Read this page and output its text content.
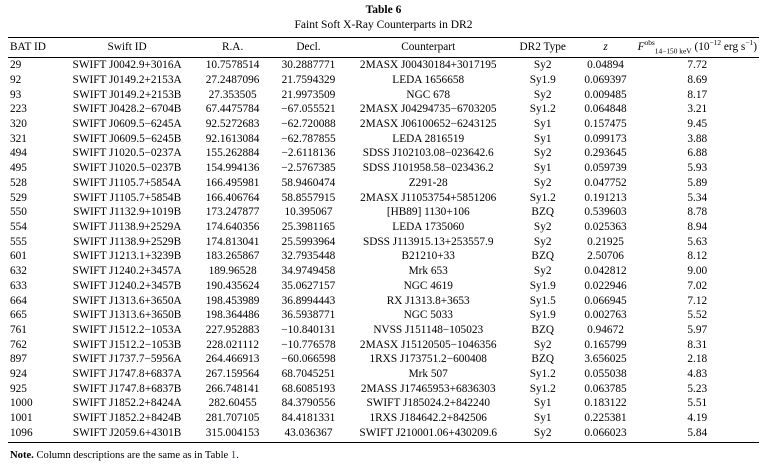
Table 6
Faint Soft X-Ray Counterparts in DR2
BAT ID	Swift ID	R.A.	Decl.	Counterpart	DR2 Type	z	$F^{obs}_{14-150 keV}$ ($10^{-12}$ erg $s^{-1}$)
29	SWIFT J0042.9+3016A	10.7578514	30.2887771	2MASX J00430184+3017195	Sy2	0.04894	7.72
92	SWIFT J0149.2+2153A	27.2487096	21.7594329	LEDA 1656658	Sy1.9	0.069397	8.69
93	SWIFT J0149.2+2153B	27.353505	21.9973509	NGC 678	Sy2	0.009485	8.17
223	SWIFT J0428.2−6704B	67.4475784	−67.055521	2MASX J04294735−6703205	Sy1.2	0.064848	3.21
320	SWIFT J0609.5−6245A	92.5272683	−62.720088	2MASX J06100652−6243125	Sy1	0.157475	9.45
321	SWIFT J0609.5−6245B	92.1613084	−62.787855	LEDA 2816519	Sy1	0.099173	3.88
494	SWIFT J1020.5−0237A	155.262884	−2.6118136	SDSS J102103.08−023642.6	Sy2	0.293645	6.88
495	SWIFT J1020.5−0237B	154.994136	−2.5767385	SDSS J101958.58−023436.2	Sy1	0.059739	5.93
528	SWIFT J1105.7+5854A	166.495981	58.9460474	Z291-28	Sy2	0.047752	5.89
529	SWIFT J1105.7+5854B	166.406764	58.8557915	2MASX J11053754+5851206	Sy1.2	0.191213	5.34
550	SWIFT J1132.9+1019B	173.247877	10.395067	[HB89] 1130+106	BZQ	0.539603	8.78
554	SWIFT J1138.9+2529A	174.640356	25.3981165	LEDA 1735060	Sy2	0.025363	8.94
555	SWIFT J1138.9+2529B	174.813041	25.5993964	SDSS J113915.13+253557.9	Sy2	0.21925	5.63
601	SWIFT J1213.1+3239B	183.265867	32.7935448	B21210+33	BZQ	2.50706	8.12
632	SWIFT J1240.2+3457A	189.96528	34.9749458	Mrk 653	Sy2	0.042812	9.00
633	SWIFT J1240.2+3457B	190.435624	35.0627157	NGC 4619	Sy1.9	0.022946	7.02
664	SWIFT J1313.6+3650A	198.453989	36.8994443	RX J1313.8+3653	Sy1.5	0.066945	7.12
665	SWIFT J1313.6+3650B	198.364486	36.5938771	NGC 5033	Sy1.9	0.002763	5.52
761	SWIFT J1512.2−1053A	227.952883	−10.840131	NVSS J151148−105023	BZQ	0.94672	5.97
762	SWIFT J1512.2−1053B	228.021112	−10.776578	2MASX J15120505−1046356	Sy2	0.165799	8.31
897	SWIFT J1737.7−5956A	264.466913	−60.066598	1RXS J173751.2−600408	BZQ	3.656025	2.18
924	SWIFT J1747.8+6837A	267.159564	68.7045251	Mrk 507	Sy1.2	0.055038	4.83
925	SWIFT J1747.8+6837B	266.748141	68.6085193	2MASS J17465953+6836303	Sy1.2	0.063785	5.23
1000	SWIFT J1852.2+8424A	282.60455	84.3790556	SWIFT J185024.2+842240	Sy1	0.183122	5.51
1001	SWIFT J1852.2+8424B	281.707105	84.4181331	1RXS J184642.2+842506	Sy1	0.225381	4.19
1096	SWIFT J2059.6+4301B	315.004153	43.036367	SWIFT J210001.06+430209.6	Sy2	0.066023	5.84
Note. Column descriptions are the same as in Table 1.
